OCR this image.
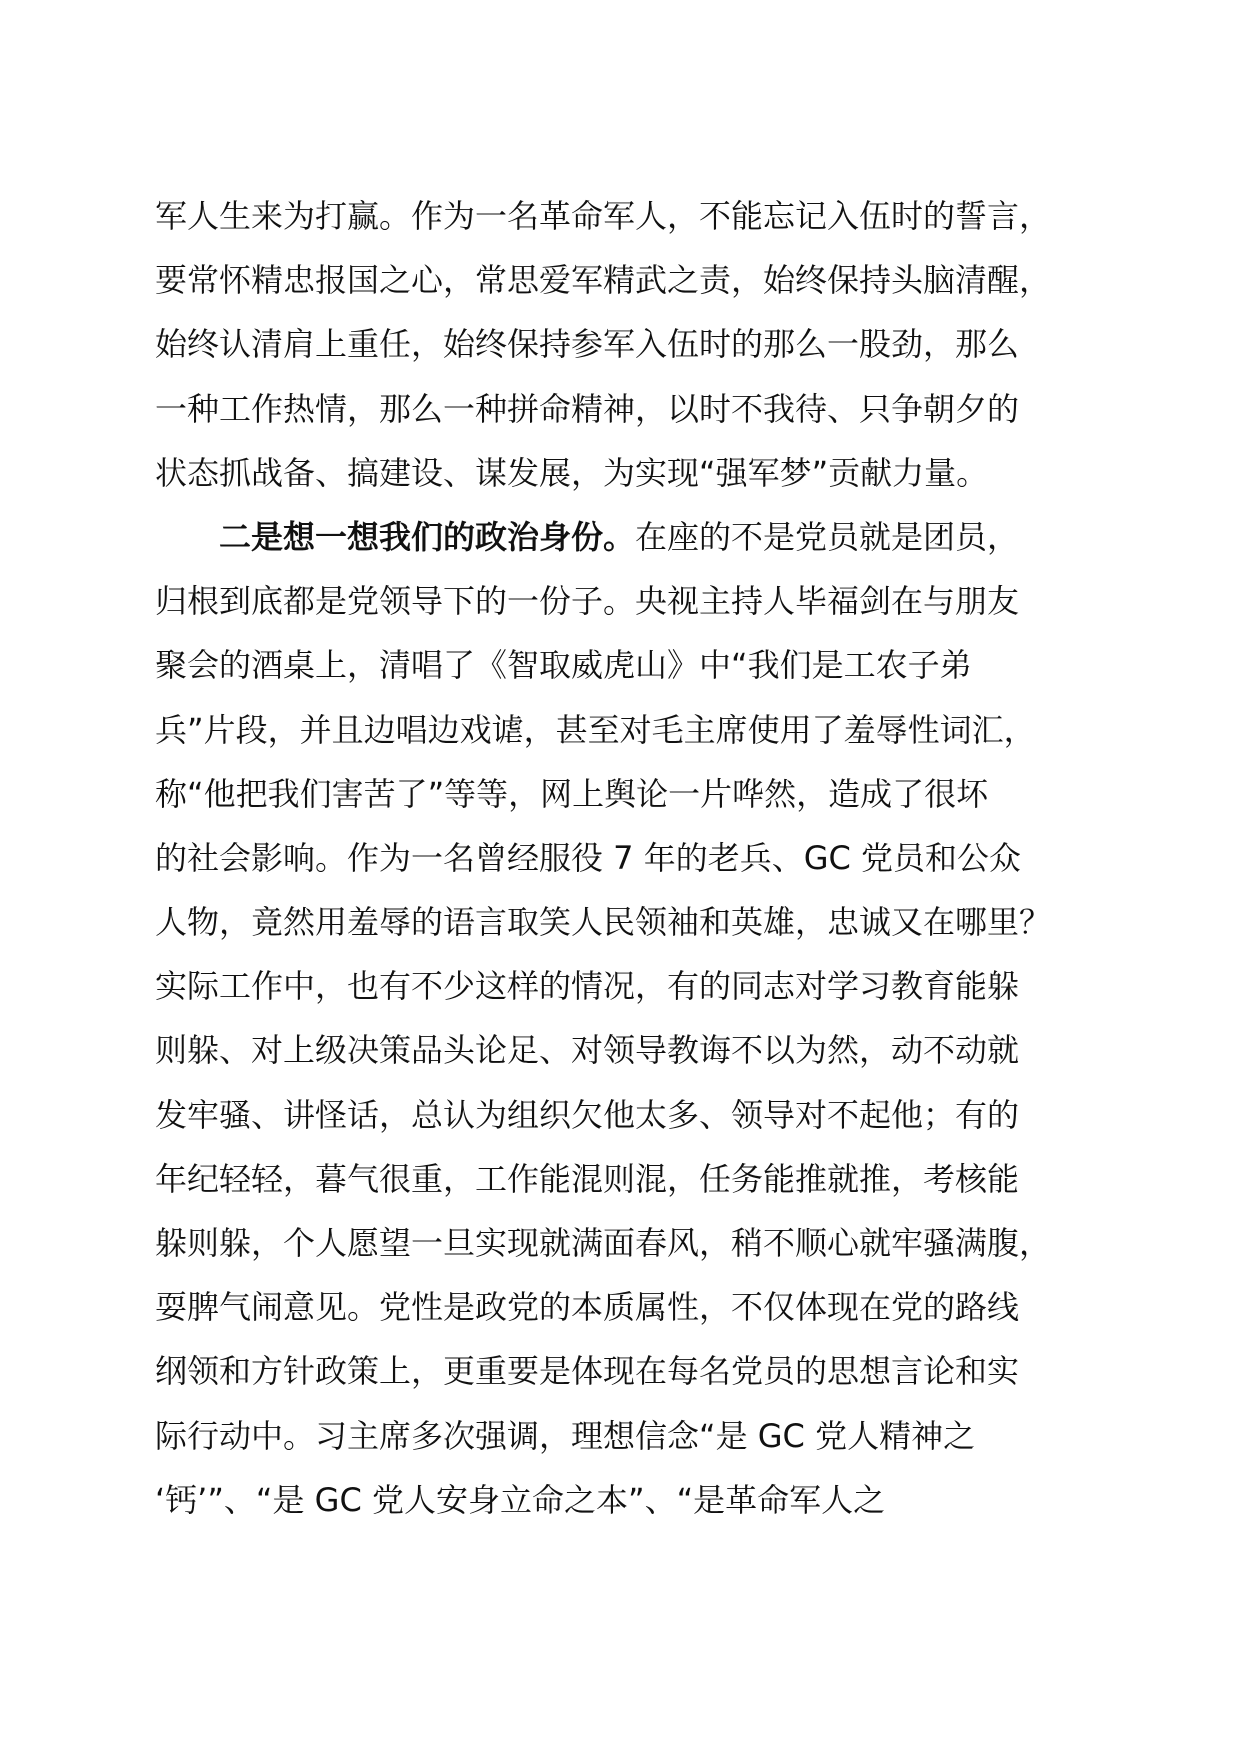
军人生来为打赢。作为一名革命军人，不能忘记入伍时的誓言，
要常怀精忠报国之心，常思爱军精武之责，始终保持头脑清醒，
始终认清肩上重任，始终保持参军入伍时的那么一股劲，那么
一种工作热情，那么一种拼命精神，以时不我待、只争朝夕的
状态抓战备、搞建设、谋发展，为实现“强军梦”贡献力量。
二是想一想我们的政治身份。在座的不是党员就是团员，
归根到底都是党领导下的一份子。央视主持人毕福剑在与朋友
聚会的酒桌上，清唱了《智取威虎山》中“我们是工农子弟
兵”片段，并且边唱边戏谑，甚至对毛主席使用了羞辱性词汇，
称“他把我们害苦了”等等，网上舆论一片哗然，造成了很坏
的社会影响。作为一名曾经服役 7 年的老兵、GC 党员和公众
人物，竟然用羞辱的语言取笑人民领袖和英雄，忠诚又在哪里？
实际工作中，也有不少这样的情况，有的同志对学习教育能躲
则躲、对上级决策品头论足、对领导教诲不以为然，动不动就
发牢骚、讲怪话，总认为组织欠他太多、领导对不起他；有的
年纪轻轻，暮气很重，工作能混则混，任务能推就推，考核能
躲则躲，个人愿望一旦实现就满面春风，稍不顺心就牢骚满腹，
耍脾气闹意见。党性是政党的本质属性，不仅体现在党的路线
纲领和方针政策上，更重要是体现在每名党员的思想言论和实
际行动中。习主席多次强调，理想信念“是 GC 党人精神之
‘钙’”、“是 GC 党人安身立命之本”、“是革命军人之
